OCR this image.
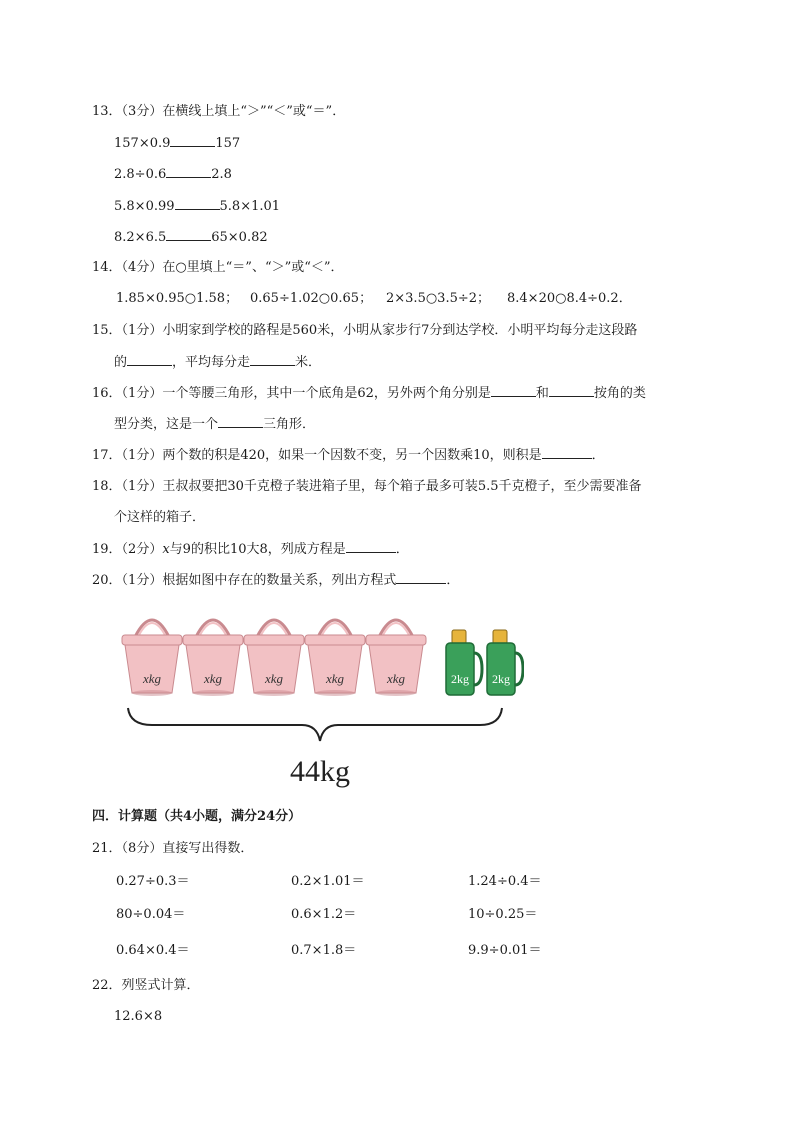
13．（3分）在横线上填上“＞”“＜”或“＝”．
157×0.9	157
2.8÷0.6	2.8
5.8×0.99	5.8×1.01
8.2×6.5	65×0.82
14．（4分）在○里填上“＝”、“＞”或“＜”．
1.85×0.95○1.58； 0.65÷1.02○0.65； 2×3.5○3.5÷2； 8.4×20○8.4÷0.2．
15．（1分）小明家到学校的路程是560米，小明从家步行7分到达学校．小明平均每分走这段路
的	，平均每分走	米．
16．（1分）一个等腰三角形，其中一个底角是62，另外两个角分别是	和	按角的类
型分类，这是一个	三角形．
17．（1分）两个数的积是420，如果一个因数不变，另一个因数乘10，则积是	．
18．（1分）王叔叔要把30千克橙子装进箱子里，每个箱子最多可装5.5千克橙子，至少需要准备
个这样的箱子．
19．（2分）x与9的积比10大8，列成方程是	．
20．（1分）根据如图中存在的数量关系，列出方程式	．
xkg	xkg	xkg	xkg	xkg	2kg 2kg
44kg
四．计算题（共4小题，满分24分）
21．（8分）直接写出得数．
0.27÷0.3＝	0.2×1.01＝	1.24÷0.4＝
80÷0.04＝	0.6×1.2＝	10÷0.25＝
0.64×0.4＝	0.7×1.8＝	9.9÷0.01＝
22．列竖式计算．
12.6×8
